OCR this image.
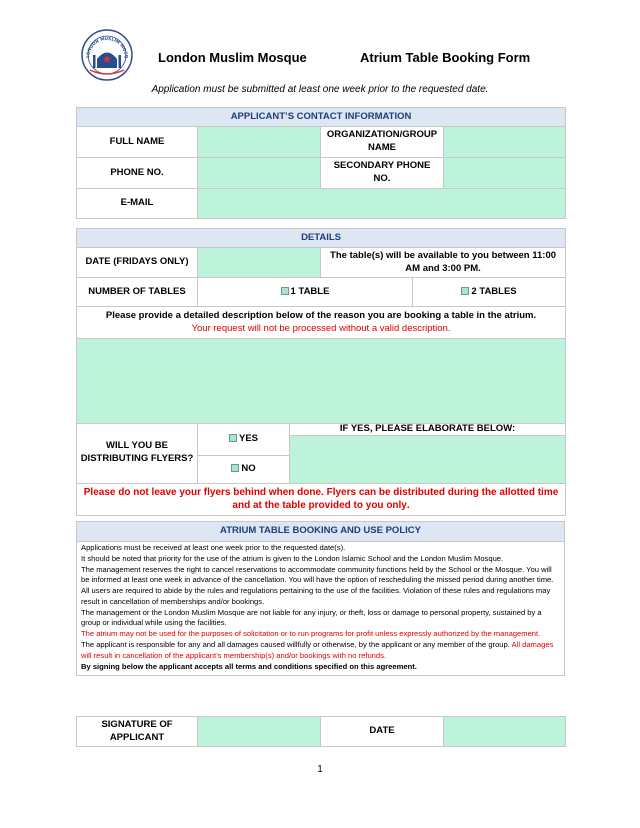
LONDON MUSLIM MOSQ London Muslim Mosque	Atrium Table Booking Form
Application must be submitted at least one week prior to the requested date.
APPLICANT’S CONTACT INFORMATION			
FULL NAME		ORGANIZATION/GROUP NAME	
PHONE NO.		SECONDARY PHONE NO.	
E-MAIL			
DETAILS				
DATE (FRIDAYS ONLY)			The table(s) will be available to you between 11:00 AM and 3:00 PM.	
NUMBER OF TABLES	1 TABLE			2 TABLES

Please provide a detailed description below of the reason you are booking a table in the atrium.
Your request will not be processed without a valid description.				

WILL YOU BE DISTRIBUTING FLYERS?	YES	IF YES, PLEASE ELABORATE BELOW:		

	NO			
Please do not leave your flyers behind when done. Flyers can be distributed during the allotted time and at the table provided to you only.				
ATRIUM TABLE BOOKING AND USE POLICY

Applications must be received at least one week prior to the requested date(s).

It should be noted that priority for the use of the atrium is given to the London Islamic School and the London Muslim Mosque.

The management reserves the right to cancel reservations to accommodate community functions held by the School or the Mosque. You will be informed at least one week in advance of the cancellation. You will have the option of rescheduling the missed period during another time.

All users are required to abide by the rules and regulations pertaining to the use of the facilities. Violation of these rules and regulations may result in cancellation of memberships and/or bookings.

The management or the London Muslim Mosque are not liable for any injury, or theft, loss or damage to personal property, sustained by a group or individual while using the facilities.

The atrium may not be used for the purposes of solicitation or to run programs for profit unless expressly authorized by the management.

The applicant is responsible for any and all damages caused willfully or otherwise, by the applicant or any member of the group. All damages will result in cancellation of the applicant’s membership(s) and/or bookings with no refunds.

By signing below the applicant accepts all terms and conditions specified on this agreement.

SIGNATURE OF APPLICANT		DATE	
1
